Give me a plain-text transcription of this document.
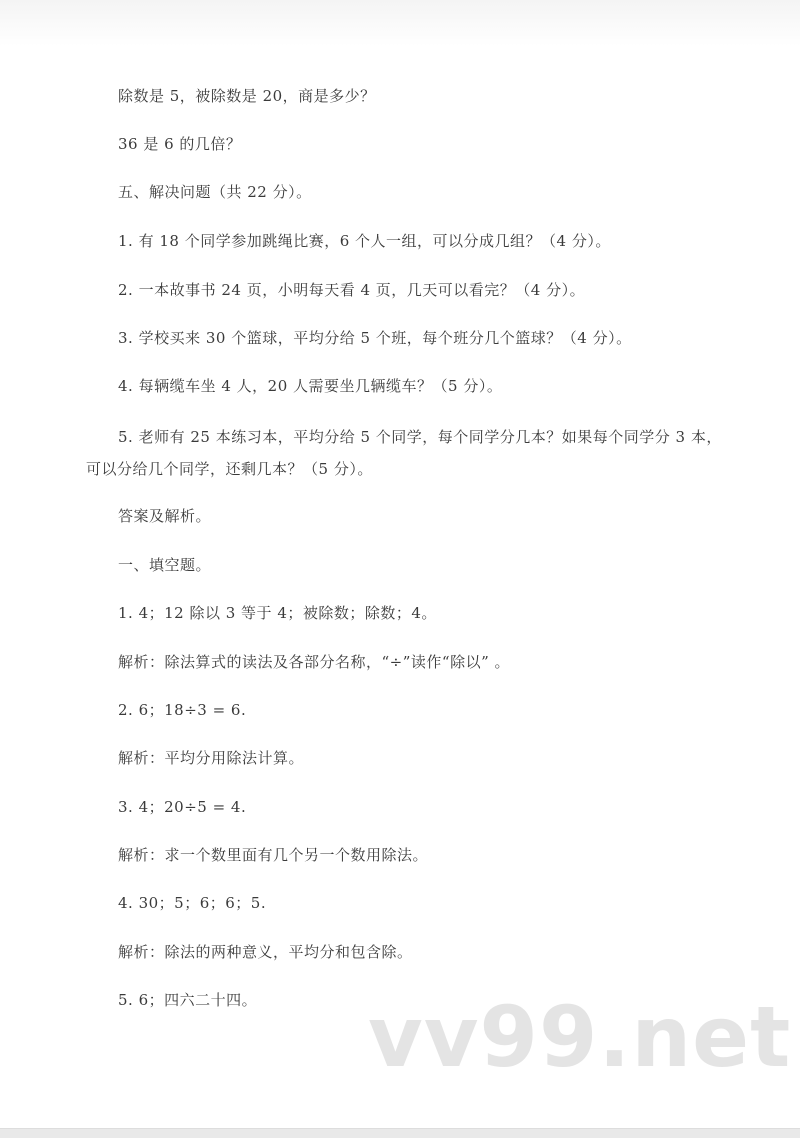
除数是 5，被除数是 20，商是多少？
36 是 6 的几倍？
五、解决问题（共 22 分）。
1. 有 18 个同学参加跳绳比赛，6 个人一组，可以分成几组？（4 分）。
2. 一本故事书 24 页，小明每天看 4 页，几天可以看完？（4 分）。
3. 学校买来 30 个篮球，平均分给 5 个班，每个班分几个篮球？（4 分）。
4. 每辆缆车坐 4 人，20 人需要坐几辆缆车？（5 分）。
5. 老师有 25 本练习本，平均分给 5 个同学，每个同学分几本？如果每个同学分 3 本，可以分给几个同学，还剩几本？（5 分）。
答案及解析。
一、填空题。
1. 4；12 除以 3 等于 4；被除数；除数；4。
解析：除法算式的读法及各部分名称，“÷”读作“除以” 。
2. 6；18÷3 = 6.
解析：平均分用除法计算。
3. 4；20÷5 = 4.
解析：求一个数里面有几个另一个数用除法。
4. 30；5；6；6；5.
解析：除法的两种意义，平均分和包含除。
5. 6；四六二十四。 vv99.net
